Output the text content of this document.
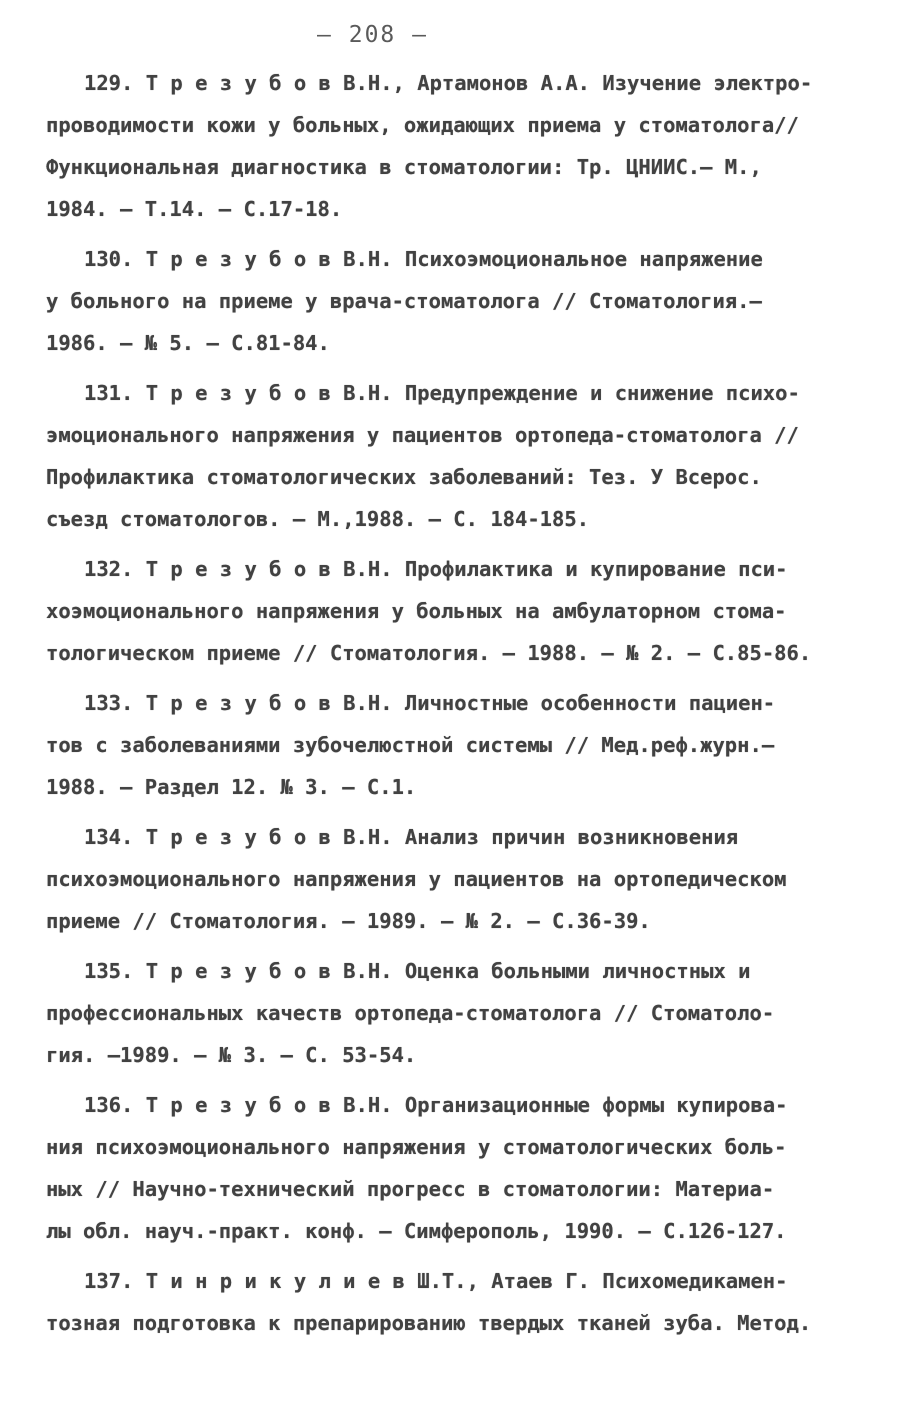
– 208 –
129. Т р е з у б о в В.Н., Артамонов А.А. Изучение электро-
проводимости кожи у больных, ожидающих приема у стоматолога//
Функциональная диагностика в стоматологии: Тр. ЦНИИС.– М.,
1984. – Т.14. – С.17-18.
130. Т р е з у б о в В.Н. Психоэмоциональное напряжение
у больного на приеме у врача-стоматолога // Стоматология.–
1986. – № 5. – С.81-84.
131. Т р е з у б о в В.Н. Предупреждение и снижение психо-
эмоционального напряжения у пациентов ортопеда-стоматолога //
Профилактика стоматологических заболеваний: Тез. У Всерос.
съезд стоматологов. – М.,1988. – С. 184-185.
132. Т р е з у б о в В.Н. Профилактика и купирование пси-
хоэмоционального напряжения у больных на амбулаторном стома-
тологическом приеме // Стоматология. – 1988. – № 2. – С.85-86.
133. Т р е з у б о в В.Н. Личностные особенности пациен-
тов с заболеваниями зубочелюстной системы // Мед.реф.журн.–
1988. – Раздел 12. № 3. – С.1.
134. Т р е з у б о в В.Н. Анализ причин возникновения
психоэмоционального напряжения у пациентов на ортопедическом
приеме // Стоматология. – 1989. – № 2. – С.36-39.
135. Т р е з у б о в В.Н. Оценка больными личностных и
профессиональных качеств ортопеда-стоматолога // Стоматоло-
гия. –1989. – № 3. – С. 53-54.
136. Т р е з у б о в В.Н. Организационные формы купирова-
ния психоэмоционального напряжения у стоматологических боль-
ных // Научно-технический прогресс в стоматологии: Материа-
лы обл. науч.-практ. конф. – Симферополь, 1990. – С.126-127.
137. Т и н р и к у л и е в Ш.Т., Атаев Г. Психомедикамен-
тозная подготовка к препарированию твердых тканей зуба. Метод.
